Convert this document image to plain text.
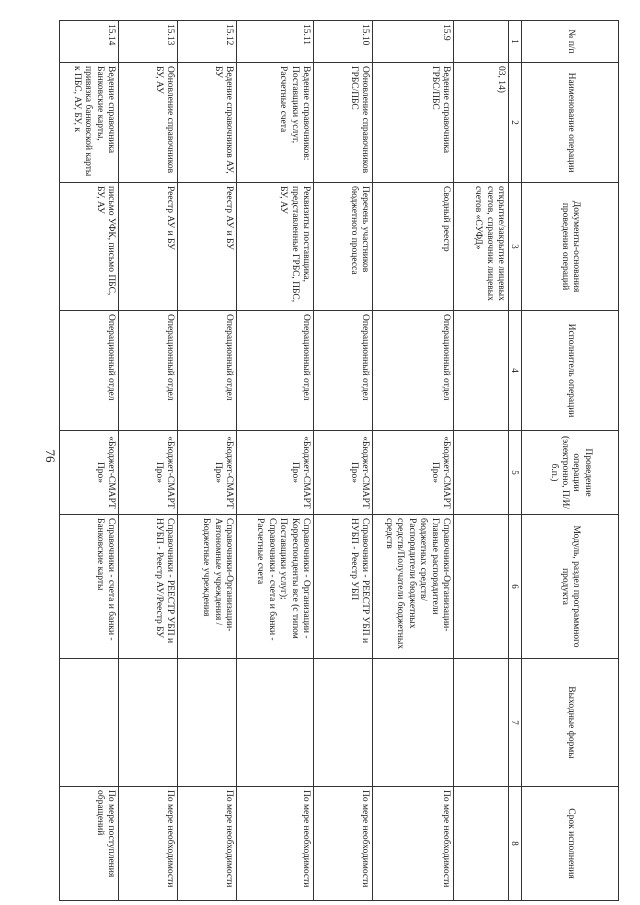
76
№ п/п	Наименование операции	Документы-основания проведения операций	Исполнитель операции	Проведение операции (электронно, П/И/б.п.)	Модуль, раздел программного продукта	Выходные формы	Срок исполнения
1	2	3	4	5	6	7	8
	03, 14)	открытие/закрытие лицевых счетов, справочник лицевых счетов «СУФД»					
15.9	Ведение справочника ГРБС/ПБС	Сводный реестр	Операционный отдел	«Бюджет-СМАРТ Про»	Справочники-Организации-Главные распорядители бюджетных средств/Распорядители бюджетных средств/Получатели бюджетных средств		По мере необходимости
15.10	Обновление справочников ГРБС/ПБС	Перечень участников бюджетного процесса	Операционный отдел	«Бюджет-СМАРТ Про»	Справочники - РЕЕСТР УБП и НУБП - Реестр УБП		По мере необходимости
15.11	Ведение справочников: Поставщики услуг, Расчетные счета	Реквизиты поставщика, представленные ГРБС, ПБС, БУ, АУ	Операционный отдел	«Бюджет-СМАРТ Про»	Справочники - Организации - Корреспонденты все (с типом Поставщики услуг); Справочники - счета и банки - Расчетные счета		По мере необходимости
15.12	Ведение справочников АУ, БУ	Реестр АУ и БУ	Операционный отдел	«Бюджет-СМАРТ Про»	Справочники-Организации-Автономные учреждения /Бюджетные учреждения		По мере необходимости
15.13	Обновление справочников БУ, АУ	Реестр АУ и БУ	Операционный отдел	«Бюджет-СМАРТ Про»	Справочники - РЕЕСТР УБП и НУБП - Реестр АУ/Реестр БУ		По мере необходимости
15.14	Ведение справочника Банковские карты, привязка банковской карты к ПБС, АУ, БУ, к	письмо УФК, письмо ПБС, БУ, АУ	Операционный отдел	«Бюджет-СМАРТ Про»	Справочники - счета и банки - Банковские карты		По мере поступления обращений
